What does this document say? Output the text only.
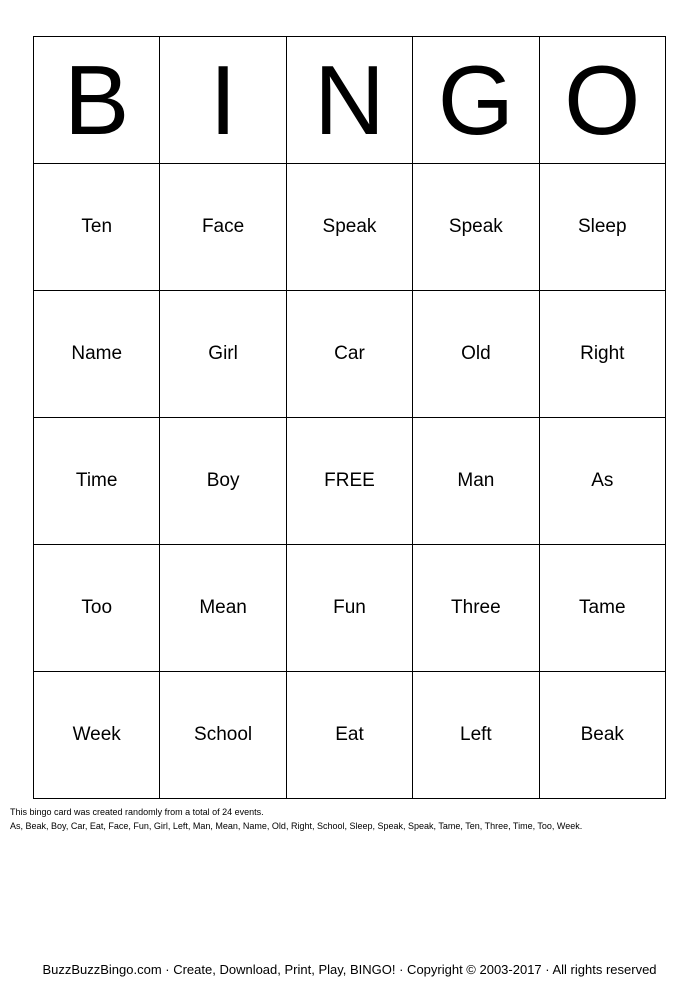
B	I	N	G	O
Ten	Face	Speak	Speak	Sleep
Name	Girl	Car	Old	Right
Time	Boy	FREE	Man	As
Too	Mean	Fun	Three	Tame
Week	School	Eat	Left	Beak
This bingo card was created randomly from a total of 24 events.
As, Beak, Boy, Car, Eat, Face, Fun, Girl, Left, Man, Mean, Name, Old, Right, School, Sleep, Speak, Speak, Tame, Ten, Three, Time, Too, Week.
BuzzBuzzBingo.com · Create, Download, Print, Play, BINGO! · Copyright © 2003-2017 · All rights reserved
